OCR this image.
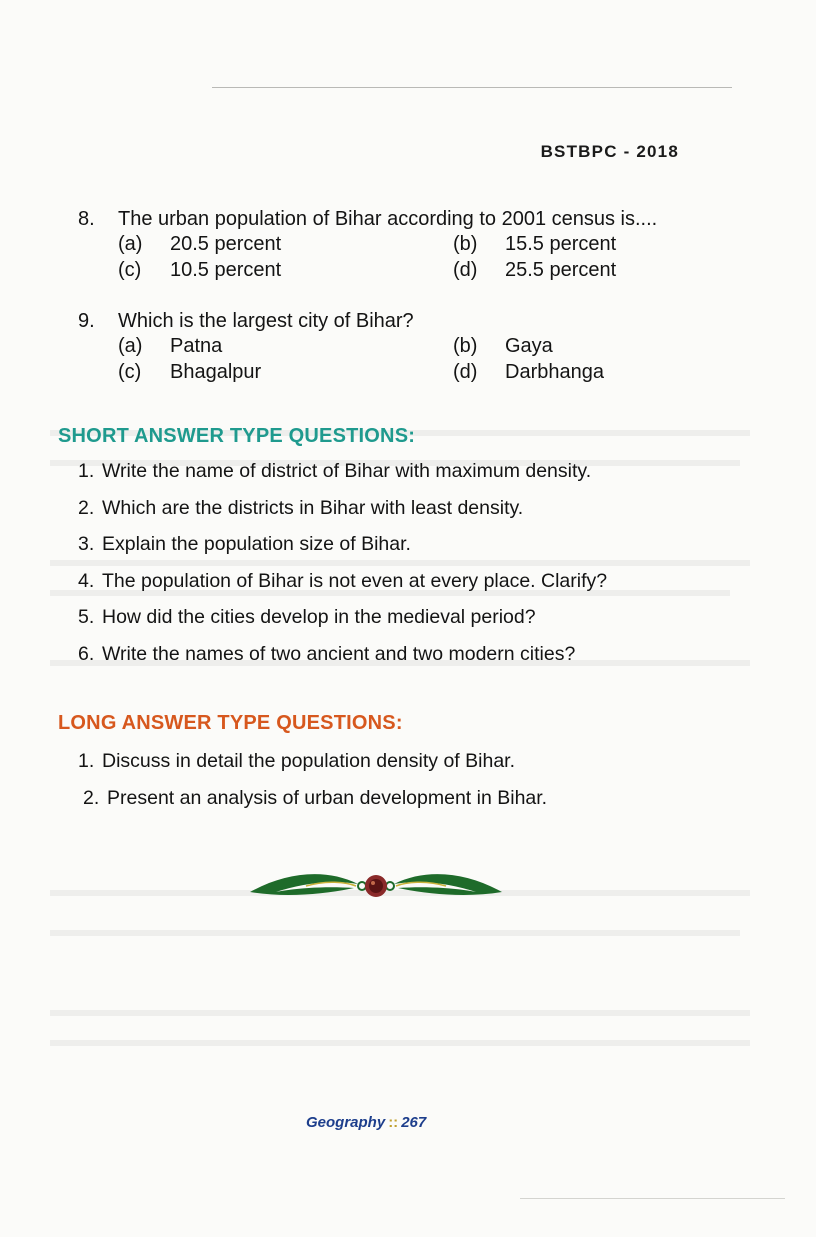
BSTBPC - 2018
8.	The urban population of Bihar according to 2001 census is....
(a)	20.5 percent	(b)	15.5 percent
(c)	10.5 percent	(d)	25.5 percent
9.	Which is the largest city of Bihar?
(a)	Patna	(b)	Gaya
(c)	Bhagalpur	(d)	Darbhanga
SHORT ANSWER TYPE QUESTIONS:
1. Write the name of district of Bihar with maximum density.
2. Which are the districts in Bihar with least density.
3. Explain the population size of Bihar.
4. The population of Bihar is not even at every place. Clarify?
5. How did the cities develop in the medieval period?
6. Write the names of two ancient and two modern cities?
LONG ANSWER TYPE QUESTIONS:
1. Discuss in detail the population density of Bihar.
2. Present an analysis of urban development in Bihar.
Geography :: 267
